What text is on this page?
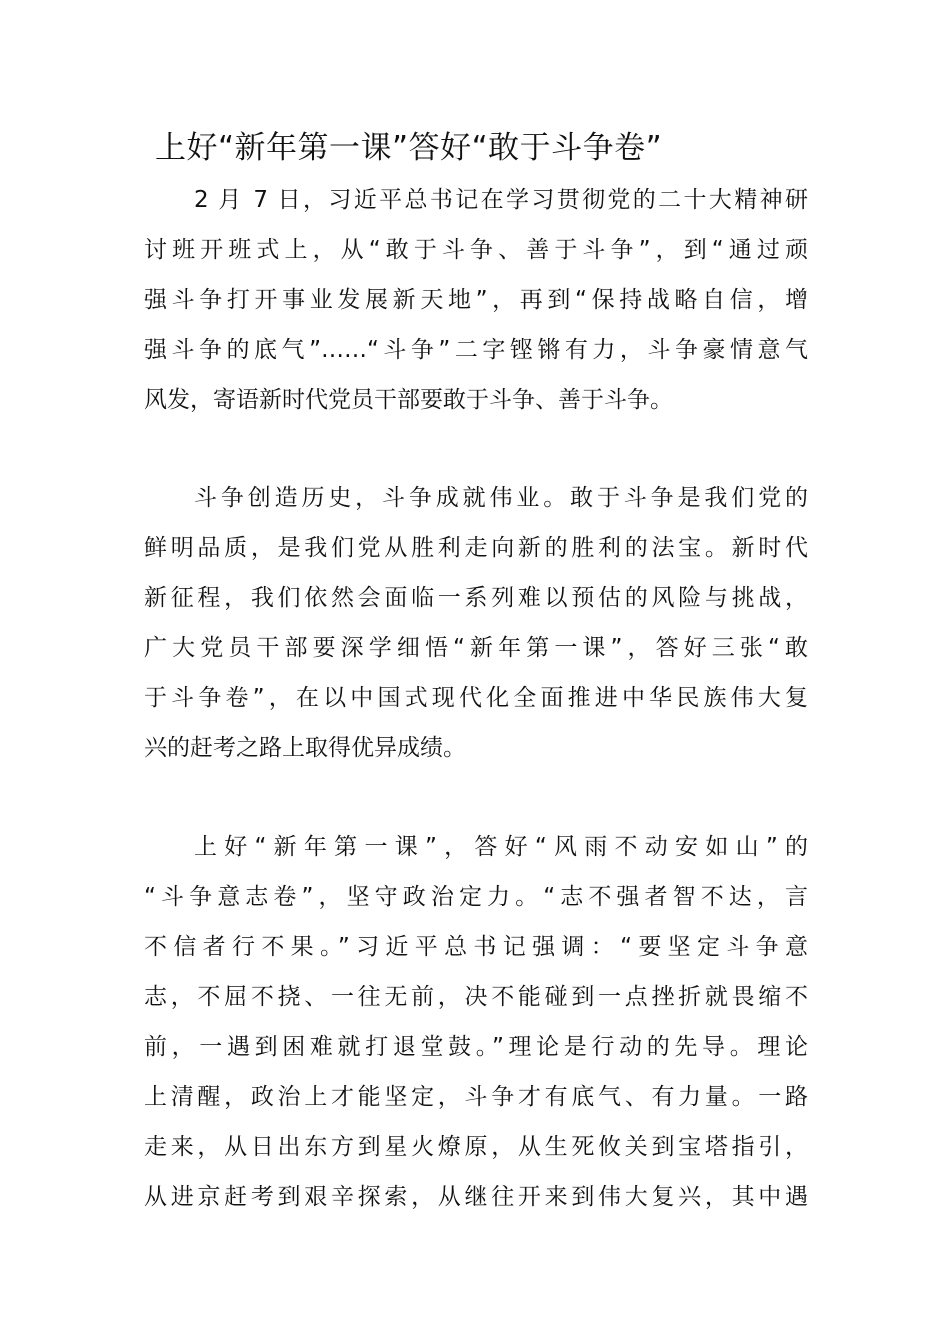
上好“新年第一课”答好“敢于斗争卷”
2 月 7 日，习近平总书记在学习贯彻党的二十大精神研
讨班开班式上，从“敢于斗争、善于斗争”，到“通过顽
强斗争打开事业发展新天地”，再到“保持战略自信，增
强斗争的底气”……“斗争”二字铿锵有力，斗争豪情意气
风发，寄语新时代党员干部要敢于斗争、善于斗争。
斗争创造历史，斗争成就伟业。敢于斗争是我们党的
鲜明品质，是我们党从胜利走向新的胜利的法宝。新时代
新征程，我们依然会面临一系列难以预估的风险与挑战，
广大党员干部要深学细悟“新年第一课”，答好三张“敢
于斗争卷”，在以中国式现代化全面推进中华民族伟大复
兴的赶考之路上取得优异成绩。
上好“新年第一课”，答好“风雨不动安如山”的
“斗争意志卷”，坚守政治定力。“志不强者智不达，言
不信者行不果。”习近平总书记强调：“要坚定斗争意
志，不屈不挠、一往无前，决不能碰到一点挫折就畏缩不
前，一遇到困难就打退堂鼓。”理论是行动的先导。理论
上清醒，政治上才能坚定，斗争才有底气、有力量。一路
走来，从日出东方到星火燎原，从生死攸关到宝塔指引，
从进京赶考到艰辛探索，从继往开来到伟大复兴，其中遇
